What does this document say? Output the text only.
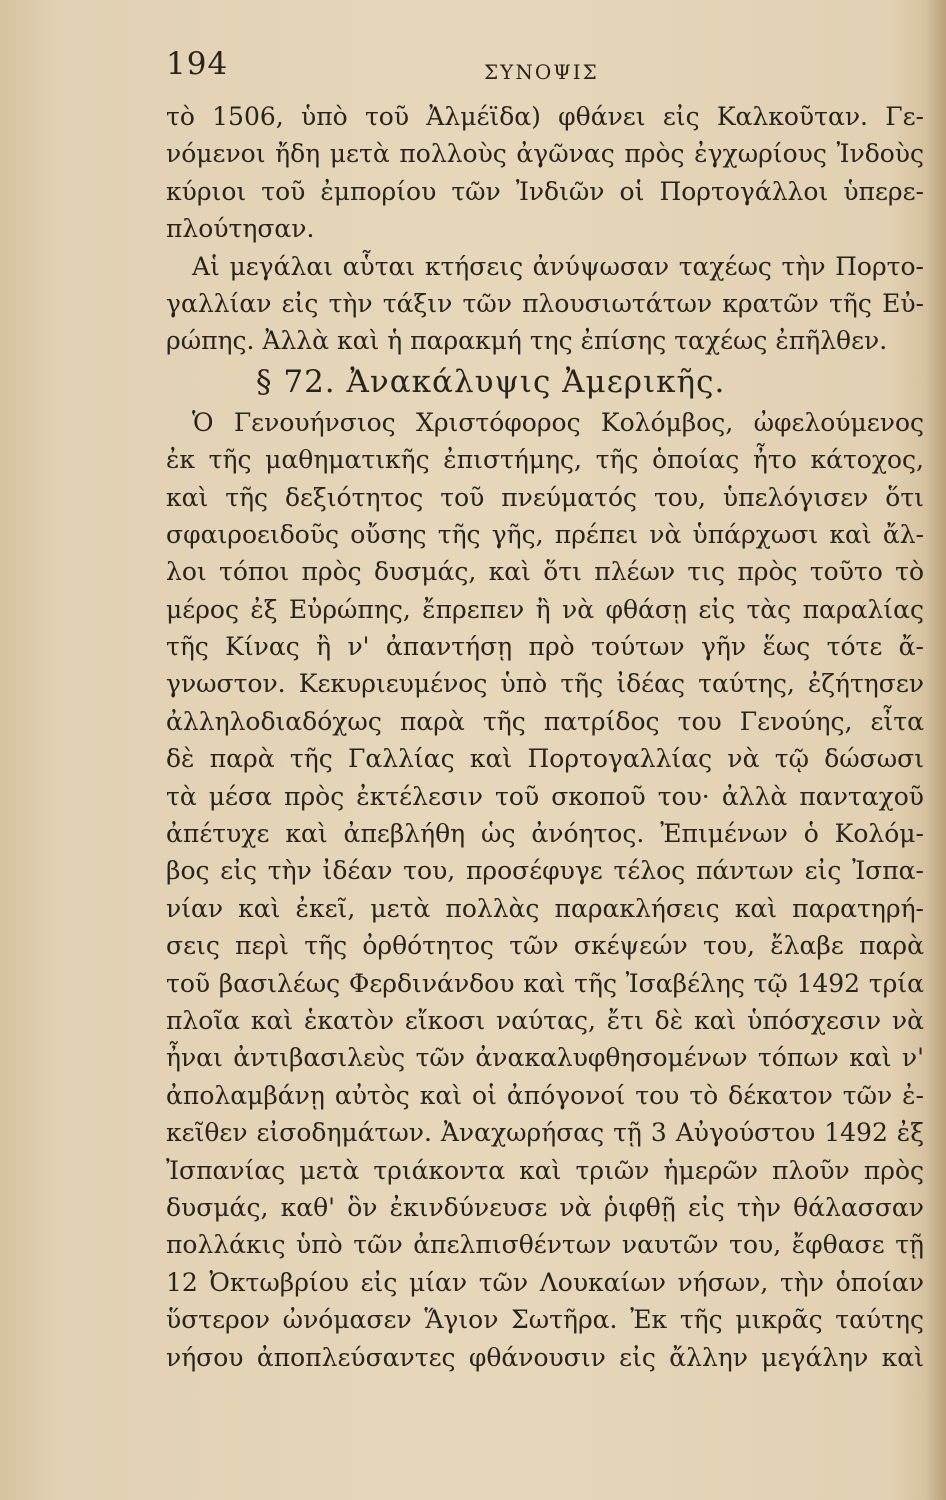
194	ΣΥΝΟΨΙΣ
τὸ 1506, ὑπὸ τοῦ Ἀλμέϊδα) φθάνει εἰς Καλκοῦταν. Γε-
νόμενοι ἤδη μετὰ πολλοὺς ἀγῶνας πρὸς ἐγχωρίους Ἰνδοὺς
κύριοι τοῦ ἐμπορίου τῶν Ἰνδιῶν οἱ Πορτογάλλοι ὑπερε-
πλούτησαν.
Αἱ μεγάλαι αὗται κτήσεις ἀνύψωσαν ταχέως τὴν Πορτο-
γαλλίαν εἰς τὴν τάξιν τῶν πλουσιωτάτων κρατῶν τῆς Εὐ-
ρώπης. Ἀλλὰ καὶ ἡ παρακμή της ἐπίσης ταχέως ἐπῆλθεν.
§ 72. Ἀνακάλυψις Ἀμερικῆς.
Ὁ Γενουήνσιος Χριστόφορος Κολόμβος, ὠφελούμενος
ἐκ τῆς μαθηματικῆς ἐπιστήμης, τῆς ὁποίας ἦτο κάτοχος,
καὶ τῆς δεξιότητος τοῦ πνεύματός του, ὑπελόγισεν ὅτι
σφαιροειδοῦς οὔσης τῆς γῆς, πρέπει νὰ ὑπάρχωσι καὶ ἄλ-
λοι τόποι πρὸς δυσμάς, καὶ ὅτι πλέων τις πρὸς τοῦτο τὸ
μέρος ἐξ Εὐρώπης, ἔπρεπεν ἢ νὰ φθάσῃ εἰς τὰς παραλίας
τῆς Κίνας ἢ ν' ἀπαντήσῃ πρὸ τούτων γῆν ἕως τότε ἄ-
γνωστον. Κεκυριευμένος ὑπὸ τῆς ἰδέας ταύτης, ἐζήτησεν
ἀλληλοδιαδόχως παρὰ τῆς πατρίδος του Γενούης, εἶτα
δὲ παρὰ τῆς Γαλλίας καὶ Πορτογαλλίας νὰ τῷ δώσωσι
τὰ μέσα πρὸς ἐκτέλεσιν τοῦ σκοποῦ του· ἀλλὰ πανταχοῦ
ἀπέτυχε καὶ ἀπεβλήθη ὡς ἀνόητος. Ἐπιμένων ὁ Κολόμ-
βος εἰς τὴν ἰδέαν του, προσέφυγε τέλος πάντων εἰς Ἰσπα-
νίαν καὶ ἐκεῖ, μετὰ πολλὰς παρακλήσεις καὶ παρατηρή-
σεις περὶ τῆς ὀρθότητος τῶν σκέψεών του, ἔλαβε παρὰ
τοῦ βασιλέως Φερδινάνδου καὶ τῆς Ἰσαβέλης τῷ 1492 τρία
πλοῖα καὶ ἑκατὸν εἴκοσι ναύτας, ἔτι δὲ καὶ ὑπόσχεσιν νὰ
ἦναι ἀντιβασιλεὺς τῶν ἀνακαλυφθησομένων τόπων καὶ ν'
ἀπολαμβάνῃ αὐτὸς καὶ οἱ ἀπόγονοί του τὸ δέκατον τῶν ἐ-
κεῖθεν εἰσοδημάτων. Ἀναχωρήσας τῇ 3 Αὐγούστου 1492 ἐξ
Ἰσπανίας μετὰ τριάκοντα καὶ τριῶν ἡμερῶν πλοῦν πρὸς
δυσμάς, καθ' ὃν ἐκινδύνευσε νὰ ῥιφθῇ εἰς τὴν θάλασσαν
πολλάκις ὑπὸ τῶν ἀπελπισθέντων ναυτῶν του, ἔφθασε τῇ
12 Ὀκτωβρίου εἰς μίαν τῶν Λουκαίων νήσων, τὴν ὁποίαν
ὕστερον ὠνόμασεν Ἅγιον Σωτῆρα. Ἐκ τῆς μικρᾶς ταύτης
νήσου ἀποπλεύσαντες φθάνουσιν εἰς ἄλλην μεγάλην καὶ
